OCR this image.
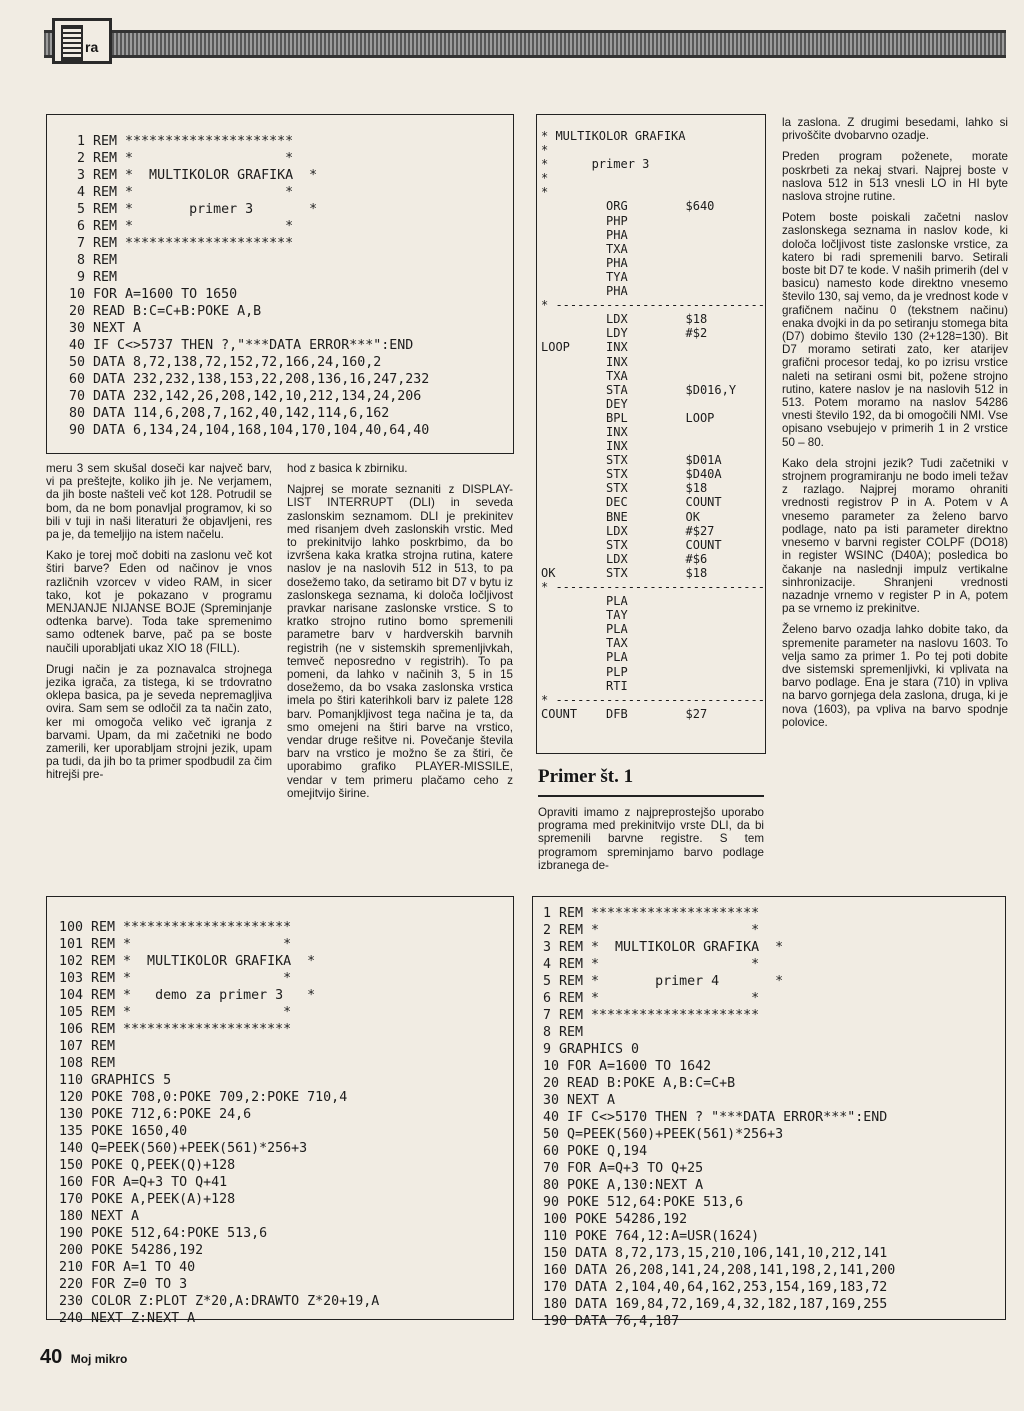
ra
1 REM *********************
2 REM *                   *
3 REM *  MULTIKOLOR GRAFIKA  *
4 REM *                   *
5 REM *       primer 3       *
6 REM *                   *
7 REM *********************
8 REM
9 REM
10 FOR A=1600 TO 1650
20 READ B:C=C+B:POKE A,B
30 NEXT A
40 IF C<>5737 THEN ?,"***DATA ERROR***":END
50 DATA 8,72,138,72,152,72,166,24,160,2
60 DATA 232,232,138,153,22,208,136,16,247,232
70 DATA 232,142,26,208,142,10,212,134,24,206
80 DATA 114,6,208,7,162,40,142,114,6,162
90 DATA 6,134,24,104,168,104,170,104,40,64,40
* MULTIKOLOR GRAFIKA
*
*      primer 3
*
*
ORG        $640
PHP
PHA
TXA
PHA
TYA
PHA
* -----------------------------
LDX        $18
LDY        #$2
LOOP     INX
INX
TXA
STA        $D016,Y
DEY
BPL        LOOP
INX
INX
STX        $D01A
STX        $D40A
STX        $18
DEC        COUNT
BNE        OK
LDX        #$27
STX        COUNT
LDX        #$6
OK       STX        $18
* -----------------------------
PLA
TAY
PLA
TAX
PLA
PLP
RTI
* -----------------------------
COUNT    DFB        $27

meru 3 sem skušal doseči kar največ barv, vi pa preštejte, koliko jih je. Ne verjamem, da jih boste našteli več kot 128. Potrudil se bom, da ne bom ponavljal programov, ki so bili v tuji in naši literaturi že objavljeni, res pa je, da temeljijo na istem načelu.

Kako je torej moč dobiti na zaslonu več kot štiri barve? Eden od načinov je vnos različnih vzorcev v video RAM, in sicer tako, kot je pokazano v programu MENJANJE NIJANSE BOJE (Spreminjanje odtenka barve). Toda take spremenimo samo odtenek barve, pač pa se boste naučili uporabljati ukaz XIO 18 (FILL).

Drugi način je za poznavalca strojnega jezika igrača, za tistega, ki se trdovratno oklepa basica, pa je seveda nepremagljiva ovira. Sam sem se odločil za ta način zato, ker mi omogoča veliko več igranja z barvami. Upam, da mi začetniki ne bodo zamerili, ker uporabljam strojni jezik, upam pa tudi, da jih bo ta primer spodbudil za čim hitrejši pre-

hod z basica k zbirniku.

Najprej se morate seznaniti z DISPLAY-LIST INTERRUPT (DLI) in seveda zaslonskim seznamom. DLI je prekinitev med risanjem dveh zaslonskih vrstic. Med to prekinitvijo lahko poskrbimo, da bo izvršena kaka kratka strojna rutina, katere naslov je na naslovih 512 in 513, to pa dosežemo tako, da setiramo bit D7 v bytu iz zaslonskega seznama, ki določa ločljivost pravkar narisane zaslonske vrstice. S to kratko strojno rutino bomo spremenili parametre barv v hardverskih barvnih registrih (ne v sistemskih spremenljivkah, temveč neposredno v registrih). To pa pomeni, da lahko v načinih 3, 5 in 15 dosežemo, da bo vsaka zaslonska vrstica imela po štiri katerihkoli barv iz palete 128 barv. Pomanjkljivost tega načina je ta, da smo omejeni na štiri barve na vrstico, vendar druge rešitve ni. Povečanje števila barv na vrstico je možno še za štiri, če uporabimo grafiko PLAYER-MISSILE, vendar v tem primeru plačamo ceho z omejitvijo širine.

Primer št. 1

Opraviti imamo z najpreprostejšo uporabo programa med prekinitvijo vrste DLI, da bi spremenili barvne registre. S tem programom spreminjamo barvo podlage izbranega de-

la zaslona. Z drugimi besedami, lahko si privoščite dvobarvno ozadje.

Preden program poženete, morate poskrbeti za nekaj stvari. Najprej boste v naslova 512 in 513 vnesli LO in HI byte naslova strojne rutine.

Potem boste poiskali začetni naslov zaslonskega seznama in naslov kode, ki določa ločljivost tiste zaslonske vrstice, za katero bi radi spremenili barvo. Setirali boste bit D7 te kode. V naših primerih (del v basicu) namesto kode direktno vnesemo število 130, saj vemo, da je vrednost kode v grafičnem načinu 0 (tekstnem načinu) enaka dvojki in da po setiranju stomega bita (D7) dobimo število 130 (2+128=130). Bit D7 moramo setirati zato, ker atarijev grafični procesor tedaj, ko po izrisu vrstice naleti na setirani osmi bit, požene strojno rutino, katere naslov je na naslovih 512 in 513. Potem moramo na naslov 54286 vnesti število 192, da bi omogočili NMI. Vse opisano vsebujejo v primerih 1 in 2 vrstice 50 – 80.

Kako dela strojni jezik? Tudi začetniki v strojnem programiranju ne bodo imeli težav z razlago. Najprej moramo ohraniti vrednosti registrov P in A. Potem v A vnesemo parameter za želeno barvo podlage, nato pa isti parameter direktno vnesemo v barvni register COLPF (DO18) in register WSINC (D40A); posledica bo čakanje na naslednji impulz vertikalne sinhronizacije. Shranjeni vrednosti nazadnje vrnemo v register P in A, potem pa se vrnemo iz prekinitve.

Želeno barvo ozadja lahko dobite tako, da spremenite parameter na naslovu 1603. To velja samo za primer 1. Po tej poti dobite dve sistemski spremenljivki, ki vplivata na barvo podlage. Ena je stara (710) in vpliva na barvo gornjega dela zaslona, druga, ki je nova (1603), pa vpliva na barvo spodnje polovice.

100 REM *********************
101 REM *                   *
102 REM *  MULTIKOLOR GRAFIKA  *
103 REM *                   *
104 REM *   demo za primer 3   *
105 REM *                   *
106 REM *********************
107 REM
108 REM
110 GRAPHICS 5
120 POKE 708,0:POKE 709,2:POKE 710,4
130 POKE 712,6:POKE 24,6
135 POKE 1650,40
140 Q=PEEK(560)+PEEK(561)*256+3
150 POKE Q,PEEK(Q)+128
160 FOR A=Q+3 TO Q+41
170 POKE A,PEEK(A)+128
180 NEXT A
190 POKE 512,64:POKE 513,6
200 POKE 54286,192
210 FOR A=1 TO 40
220 FOR Z=0 TO 3
230 COLOR Z:PLOT Z*20,A:DRAWTO Z*20+19,A
240 NEXT Z:NEXT A
1 REM *********************
2 REM *                   *
3 REM *  MULTIKOLOR GRAFIKA  *
4 REM *                   *
5 REM *       primer 4       *
6 REM *                   *
7 REM *********************
8 REM
9 GRAPHICS 0
10 FOR A=1600 TO 1642
20 READ B:POKE A,B:C=C+B
30 NEXT A
40 IF C<>5170 THEN ? "***DATA ERROR***":END
50 Q=PEEK(560)+PEEK(561)*256+3
60 POKE Q,194
70 FOR A=Q+3 TO Q+25
80 POKE A,130:NEXT A
90 POKE 512,64:POKE 513,6
100 POKE 54286,192
110 POKE 764,12:A=USR(1624)
150 DATA 8,72,173,15,210,106,141,10,212,141
160 DATA 26,208,141,24,208,141,198,2,141,200
170 DATA 2,104,40,64,162,253,154,169,183,72
180 DATA 169,84,72,169,4,32,182,187,169,255
190 DATA 76,4,187
40 Moj mikro
